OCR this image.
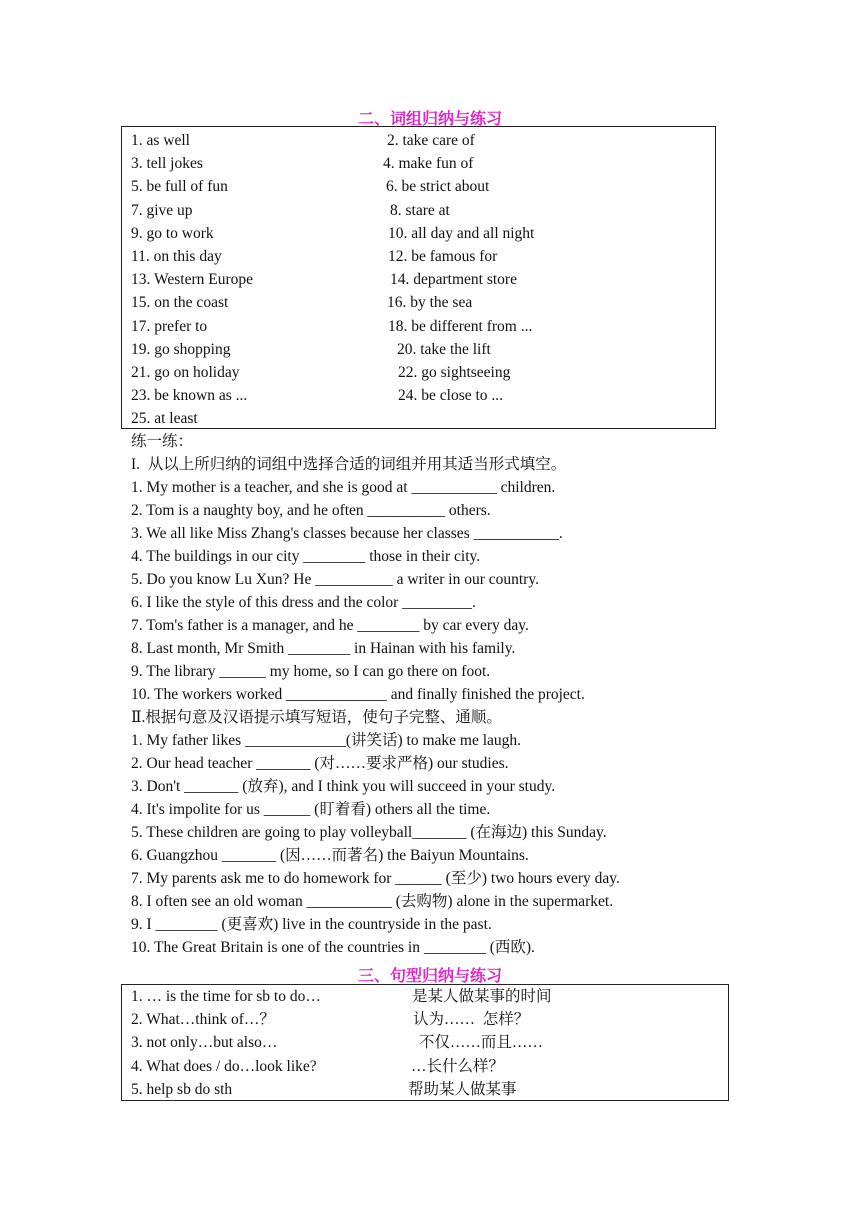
二、词组归纳与练习
1. as well	2. take care of
3. tell jokes	4. make fun of
5. be full of fun	6. be strict about
7. give up	8. stare at
9. go to work	10. all day and all night
11. on this day	12. be famous for
13. Western Europe	14. department store
15. on the coast	16. by the sea
17. prefer to	18. be different from ...
19. go shopping	20. take the lift
21. go on holiday	22. go sightseeing
23. be known as ...	24. be close to ...
25. at least
练一练：
I.  从以上所归纳的词组中选择合适的词组并用其适当形式填空。
1. My mother is a teacher, and she is good at ___________ children.
2. Tom is a naughty boy, and he often __________ others.
3. We all like Miss Zhang's classes because her classes ___________.
4. The buildings in our city ________ those in their city.
5. Do you know Lu Xun? He __________ a writer in our country.
6. I like the style of this dress and the color _________.
7. Tom's father is a manager, and he ________ by car every day.
8. Last month, Mr Smith ________ in Hainan with his family.
9. The library ______ my home, so I can go there on foot.
10. The workers worked _____________ and finally finished the project.
Ⅱ.根据句意及汉语提示填写短语，使句子完整、通顺。
1. My father likes _____________(讲笑话) to make me laugh.
2. Our head teacher _______ (对……要求严格) our studies.
3. Don't _______ (放弃), and I think you will succeed in your study.
4. It's impolite for us ______ (盯着看) others all the time.
5. These children are going to play volleyball_______ (在海边) this Sunday.
6. Guangzhou _______ (因……而著名) the Baiyun Mountains.
7. My parents ask me to do homework for ______ (至少) two hours every day.
8. I often see an old woman ___________ (去购物) alone in the supermarket.
9. I ________ (更喜欢) live in the countryside in the past.
10. The Great Britain is one of the countries in ________ (西欧).
三、句型归纳与练习
1. … is the time for sb to do…	是某人做某事的时间
2. What…think of…？	认为……  怎样？
3. not only…but also…	不仅……而且……
4. What does / do…look like?	…长什么样？
5. help sb do sth	帮助某人做某事
